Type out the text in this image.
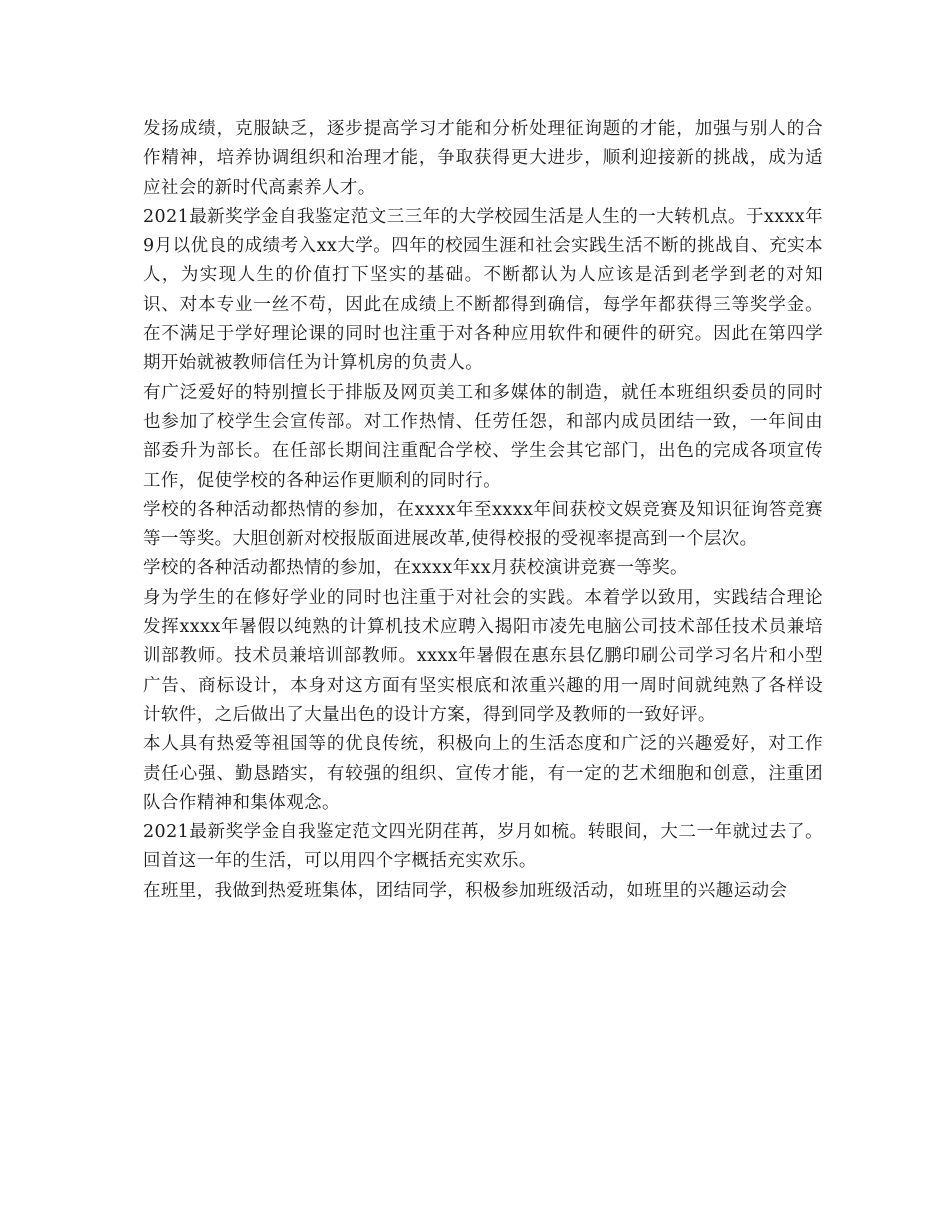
发扬成绩，克服缺乏，逐步提高学习才能和分析处理征询题的才能，加强与别人的合作精神，培养协调组织和治理才能，争取获得更大进步，顺利迎接新的挑战，成为适应社会的新时代高素养人才。

2021最新奖学金自我鉴定范文三三年的大学校园生活是人生的一大转机点。于xxxx年9月以优良的成绩考入xx大学。四年的校园生涯和社会实践生活不断的挑战自、充实本人，为实现人生的价值打下坚实的基础。不断都认为人应该是活到老学到老的对知识、对本专业一丝不苟，因此在成绩上不断都得到确信，每学年都获得三等奖学金。在不满足于学好理论课的同时也注重于对各种应用软件和硬件的研究。因此在第四学期开始就被教师信任为计算机房的负责人。

有广泛爱好的特别擅长于排版及网页美工和多媒体的制造，就任本班组织委员的同时也参加了校学生会宣传部。对工作热情、任劳任怨，和部内成员团结一致，一年间由部委升为部长。在任部长期间注重配合学校、学生会其它部门，出色的完成各项宣传工作，促使学校的各种运作更顺利的同时行。

学校的各种活动都热情的参加，在xxxx年至xxxx年间获校文娱竞赛及知识征询答竞赛等一等奖。大胆创新对校报版面进展改革,使得校报的受视率提高到一个层次。

学校的各种活动都热情的参加，在xxxx年xx月获校演讲竞赛一等奖。

身为学生的在修好学业的同时也注重于对社会的实践。本着学以致用，实践结合理论发挥xxxx年暑假以纯熟的计算机技术应聘入揭阳市凌先电脑公司技术部任技术员兼培训部教师。技术员兼培训部教师。xxxx年暑假在惠东县亿鹏印刷公司学习名片和小型广告、商标设计，本身对这方面有坚实根底和浓重兴趣的用一周时间就纯熟了各样设计软件，之后做出了大量出色的设计方案，得到同学及教师的一致好评。

本人具有热爱等祖国等的优良传统，积极向上的生活态度和广泛的兴趣爱好，对工作责任心强、勤恳踏实，有较强的组织、宣传才能，有一定的艺术细胞和创意，注重团队合作精神和集体观念。

2021最新奖学金自我鉴定范文四光阴荏苒，岁月如梳。转眼间，大二一年就过去了。回首这一年的生活，可以用四个字概括充实欢乐。

在班里，我做到热爱班集体，团结同学，积极参加班级活动，如班里的兴趣运动会
